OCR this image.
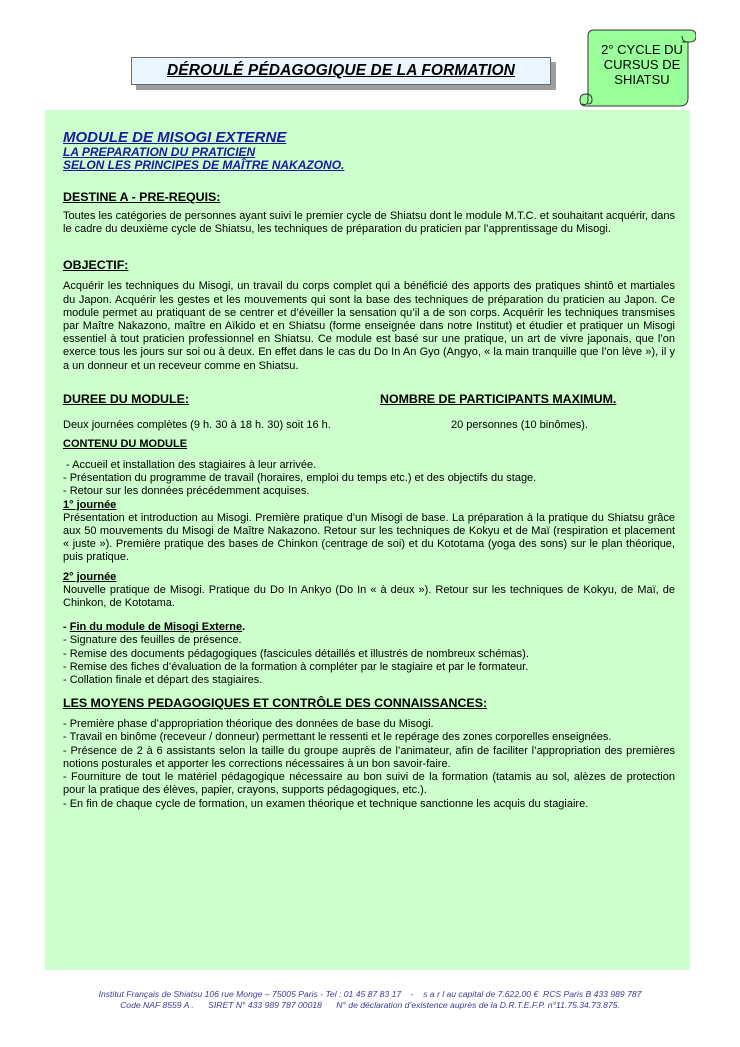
DÉROULÉ PÉDAGOGIQUE DE LA FORMATION
2° CYCLE DU
CURSUS DE
SHIATSU

MODULE DE MISOGI EXTERNE

LA PREPARATION DU PRATICIEN

SELON LES PRINCIPES DE MAÎTRE NAKAZONO.

DESTINE A - PRE-REQUIS:

Toutes les catégories de personnes ayant suivi le premier cycle de Shiatsu dont le module M.T.C. et souhaitant acquérir, dans le cadre du deuxième cycle de Shiatsu, les techniques de préparation du praticien par l’apprentissage du Misogi.

OBJECTIF:

Acquérir les techniques du Misogi, un travail du corps complet qui a bénéficié des apports des pratiques shintô et martiales du Japon. Acquérir les gestes et les mouvements qui sont la base des techniques de préparation du praticien au Japon. Ce module permet au pratiquant de se centrer et d’éveiller la sensation qu’il a de son corps. Acquérir les techniques transmises par Maître Nakazono, maître en Aïkido et en Shiatsu (forme enseignée dans notre Institut) et étudier et pratiquer un Misogi essentiel à tout praticien professionnel en Shiatsu. Ce module est basé sur une pratique, un art de vivre japonais, que l’on exerce tous les jours sur soi ou à deux. En effet dans le cas du Do In An Gyo (Angyo, « la main tranquille que l’on lève »), il y a un donneur et un receveur comme en Shiatsu.

DUREE DU MODULE:	NOMBRE DE PARTICIPANTS MAXIMUM.
Deux journées complètes (9 h. 30 à 18 h. 30) soit 16 h.	20 personnes (10 binômes).

CONTENU DU MODULE

- Accueil et installation des stagiaires à leur arrivée.

- Présentation du programme de travail (horaires, emploi du temps etc.) et des objectifs du stage.

- Retour sur les données précédemment acquises.

1° journée

Présentation et introduction au Misogi. Première pratique d’un Misogi de base. La préparation à la pratique du Shiatsu grâce aux 50 mouvements du Misogi de Maître Nakazono. Retour sur les techniques de Kokyu et de Maï (respiration et placement « juste »). Première pratique des bases de Chinkon (centrage de soi) et du Kototama (yoga des sons) sur le plan théorique, puis pratique.

2° journée

Nouvelle pratique de Misogi. Pratique du Do In Ankyo (Do In « à deux »). Retour sur les techniques de Kokyu, de Maï, de Chinkon, de Kototama.

- Fin du module de Misogi Externe.

- Signature des feuilles de présence.

- Remise des documents pédagogiques (fascicules détaillés et illustrés de nombreux schémas).

- Remise des fiches d’évaluation de la formation à compléter par le stagiaire et par le formateur.

- Collation finale et départ des stagiaires.

LES MOYENS PEDAGOGIQUES ET CONTRÔLE DES CONNAISSANCES:

- Première phase d’appropriation théorique des données de base du Misogi.

- Travail en binôme (receveur / donneur) permettant le ressenti et le repérage des zones corporelles enseignées.

- Présence de 2 à 6 assistants selon la taille du groupe auprès de l’animateur, afin de faciliter l’appropriation des premières notions posturales et apporter les corrections nécessaires à un bon savoir-faire.

- Fourniture de tout le matériel pédagogique nécessaire au bon suivi de la formation (tatamis au sol, alèzes de protection pour la pratique des élèves, papier, crayons, supports pédagogiques, etc.).

- En fin de chaque cycle de formation, un examen théorique et technique sanctionne les acquis du stagiaire.

Institut Français de Shiatsu 106 rue Monge – 75005 Paris - Tel : 01 45 87 83 17    -    s a r l au capital de 7.622,00 €  RCS Paris B 433 989 787
Code NAF 8559 A .      SIRET N° 433 989 787 00018      N° de déclaration d’existence auprès de la D.R.T.E.F.P. n°11.75.34.73.875.
